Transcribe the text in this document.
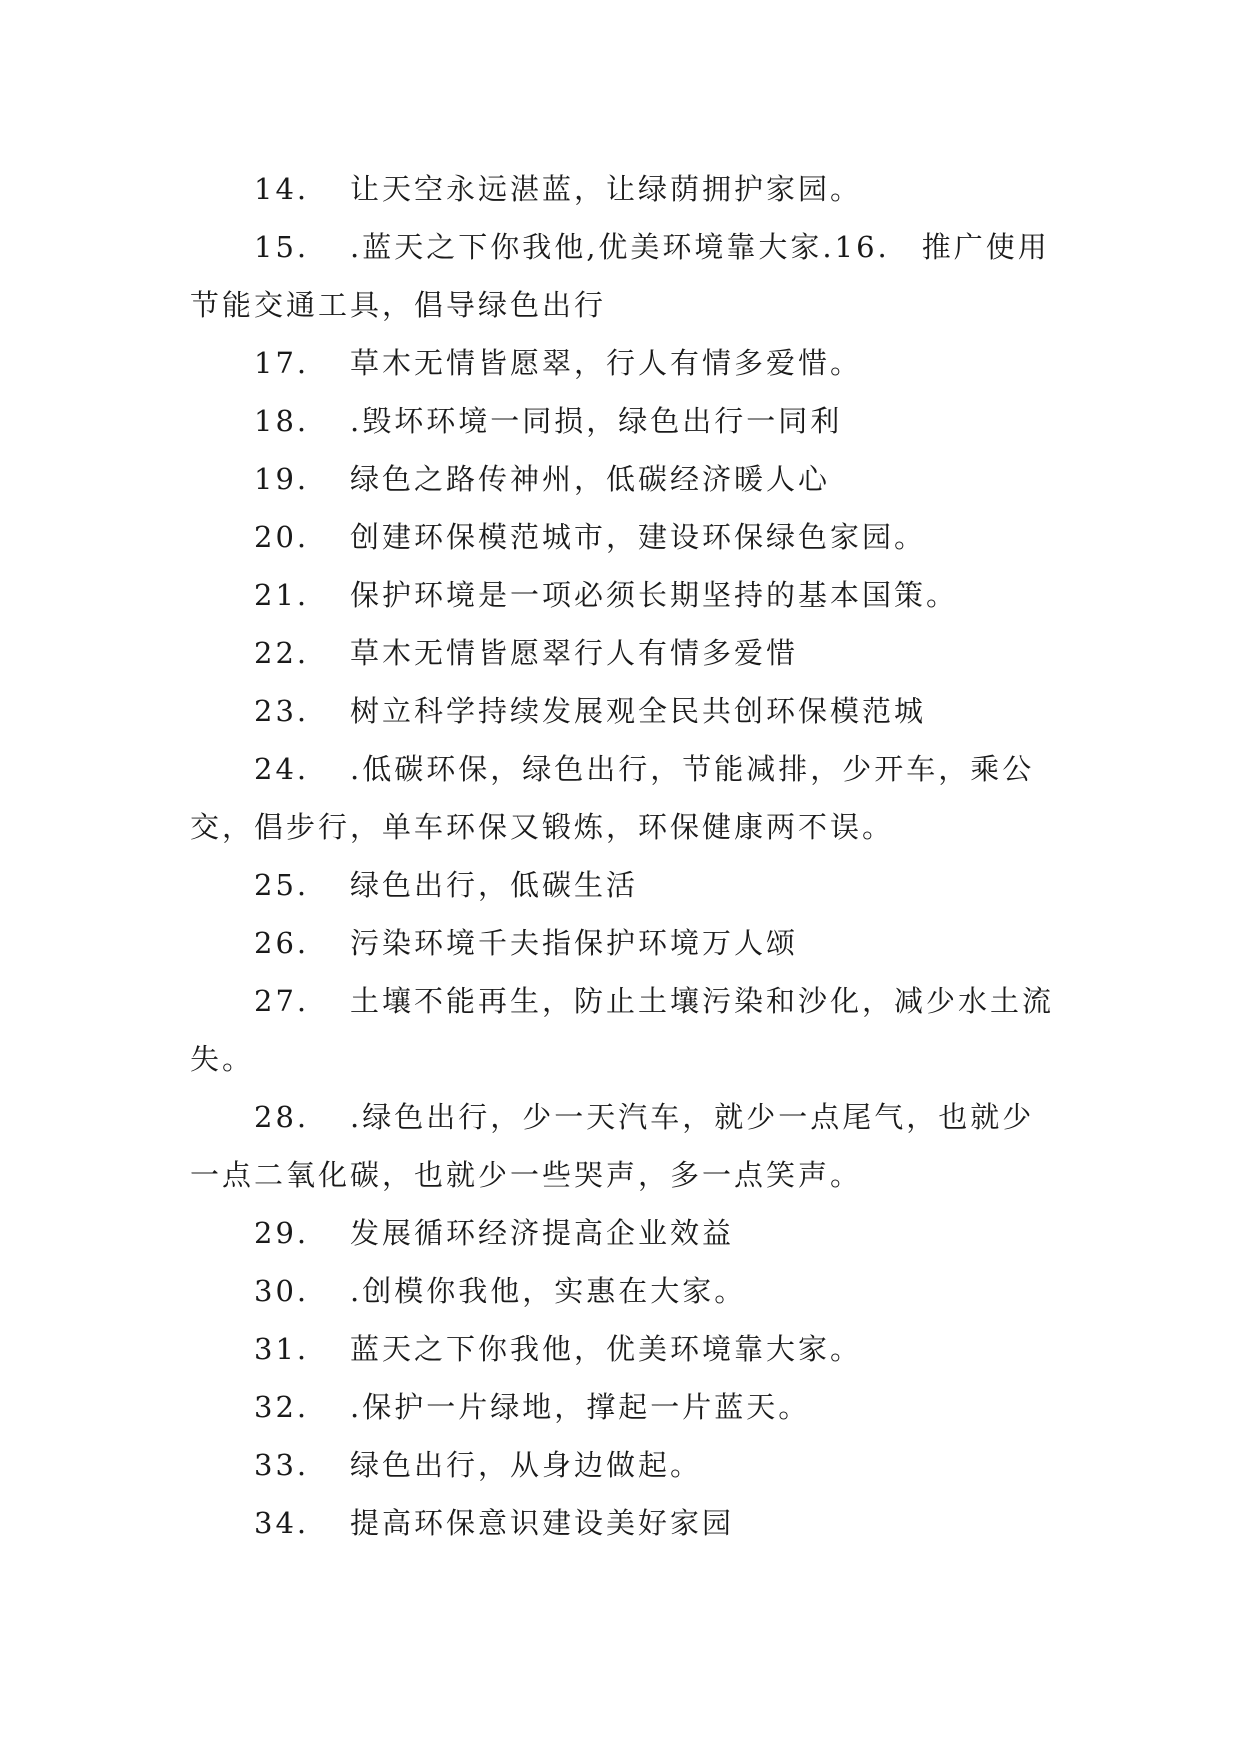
14. 让天空永远湛蓝，让绿荫拥护家园。

15. .蓝天之下你我他,优美环境靠大家.16.　推广使用节能交通工具，倡导绿色出行

17. 草木无情皆愿翠，行人有情多爱惜。

18. .毁坏环境一同损，绿色出行一同利

19. 绿色之路传神州，低碳经济暖人心

20. 创建环保模范城市，建设环保绿色家园。

21. 保护环境是一项必须长期坚持的基本国策。

22. 草木无情皆愿翠行人有情多爱惜

23. 树立科学持续发展观全民共创环保模范城

24. .低碳环保，绿色出行，节能减排，少开车，乘公交，倡步行，单车环保又锻炼，环保健康两不误。

25. 绿色出行，低碳生活

26. 污染环境千夫指保护环境万人颂

27. 土壤不能再生，防止土壤污染和沙化，减少水土流失。

28. .绿色出行，少一天汽车，就少一点尾气，也就少一点二氧化碳，也就少一些哭声，多一点笑声。

29. 发展循环经济提高企业效益

30. .创模你我他，实惠在大家。

31. 蓝天之下你我他，优美环境靠大家。

32. .保护一片绿地，撑起一片蓝天。

33. 绿色出行，从身边做起。

34. 提高环保意识建设美好家园
